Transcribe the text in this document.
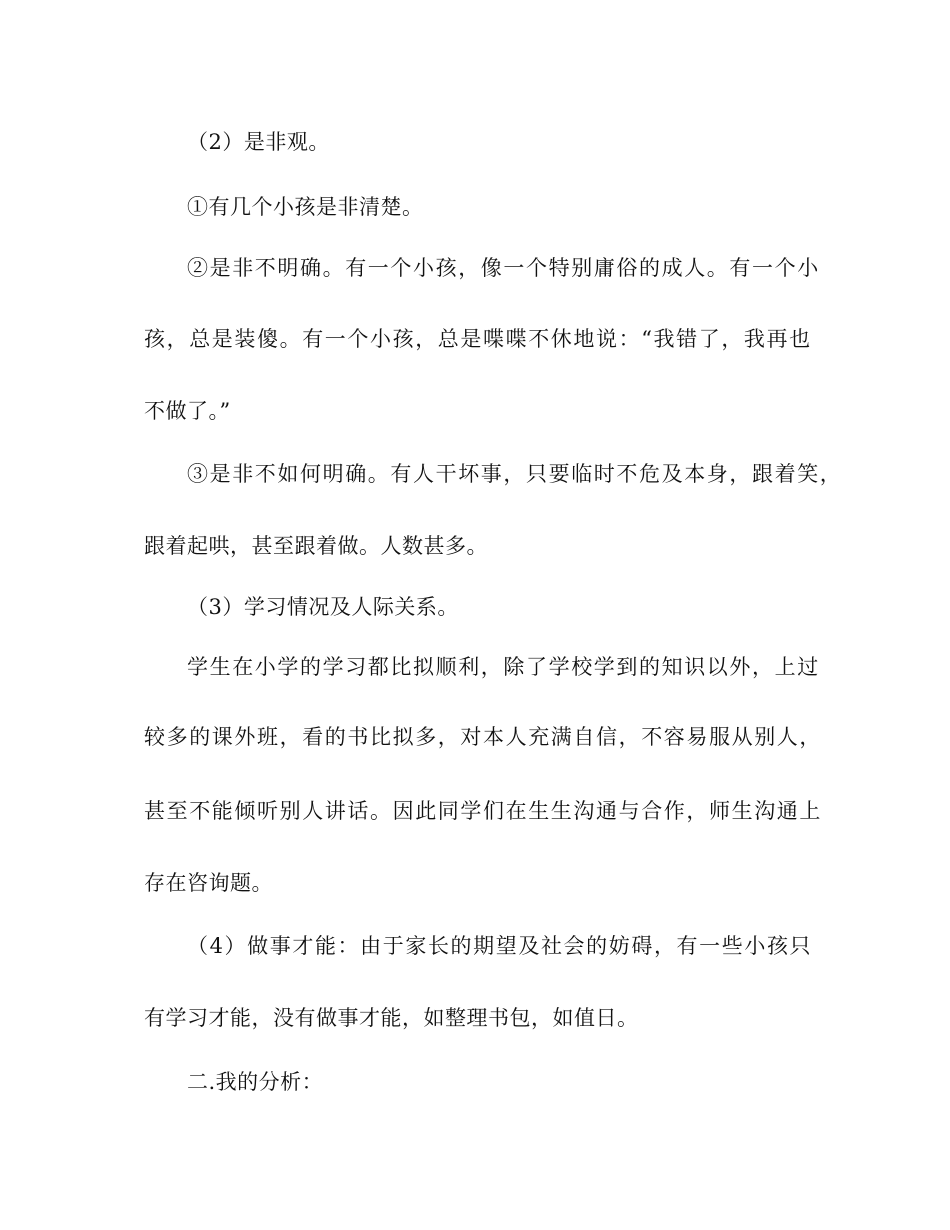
（2）是非观。
①有几个小孩是非清楚。
②是非不明确。有一个小孩，像一个特别庸俗的成人。有一个小
孩，总是装傻。有一个小孩，总是喋喋不休地说：“我错了，我再也
不做了。”
③是非不如何明确。有人干坏事，只要临时不危及本身，跟着笑，
跟着起哄，甚至跟着做。人数甚多。
（3）学习情况及人际关系。
学生在小学的学习都比拟顺利，除了学校学到的知识以外，上过
较多的课外班，看的书比拟多，对本人充满自信，不容易服从别人，
甚至不能倾听别人讲话。因此同学们在生生沟通与合作，师生沟通上
存在咨询题。
（4）做事才能：由于家长的期望及社会的妨碍，有一些小孩只
有学习才能，没有做事才能，如整理书包，如值日。
二.我的分析：
